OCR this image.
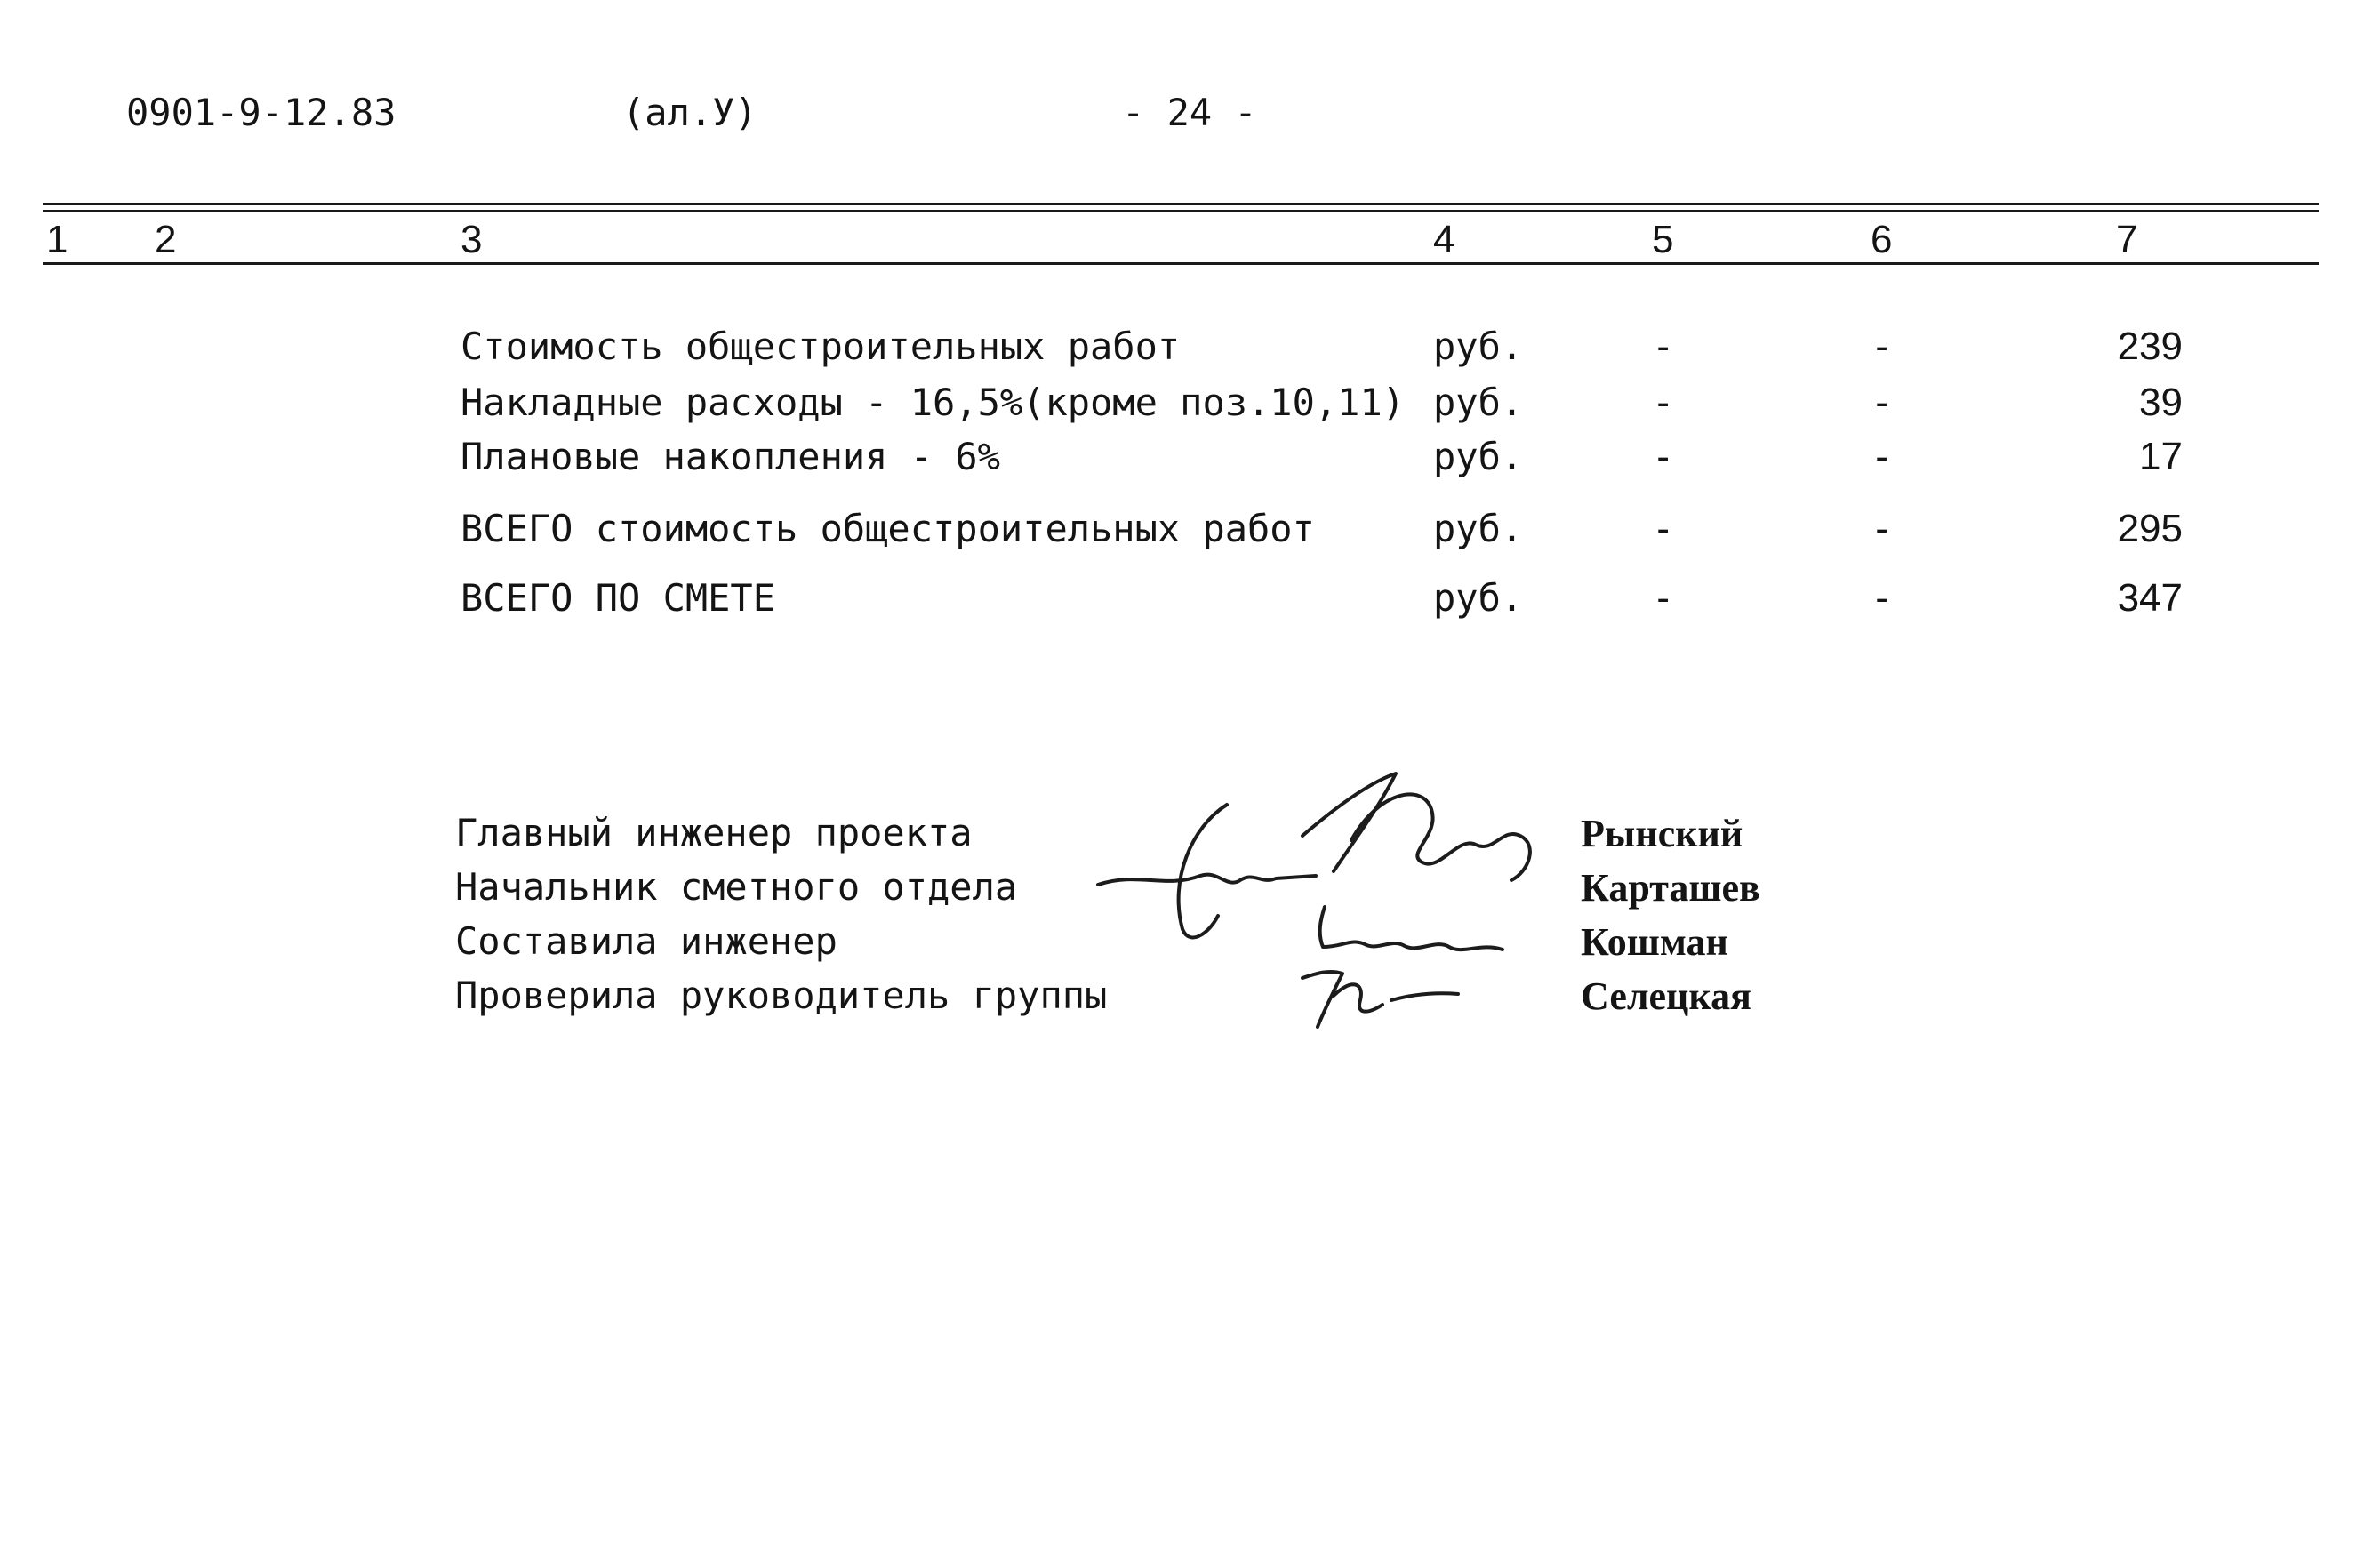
0901-9-12.83	(ал.У)	- 24 -
1 2	3	4	5	6	7
Стоимость общестроительных работ	руб.	-	-	239
Накладные расходы - 16,5%(кроме поз.10,11) руб.	-	-	39
Плановые накопления - 6%	руб.	-	-	17
ВСЕГО стоимость общестроительных работ	руб.	-	-	295
ВСЕГО ПО СМЕТЕ	руб.	-	-	347
Главный инженер проекта	Рынский
Начальник сметного отдела	Карташев
Составила инженер	Кошман
Проверила руководитель группы	Селецкая
